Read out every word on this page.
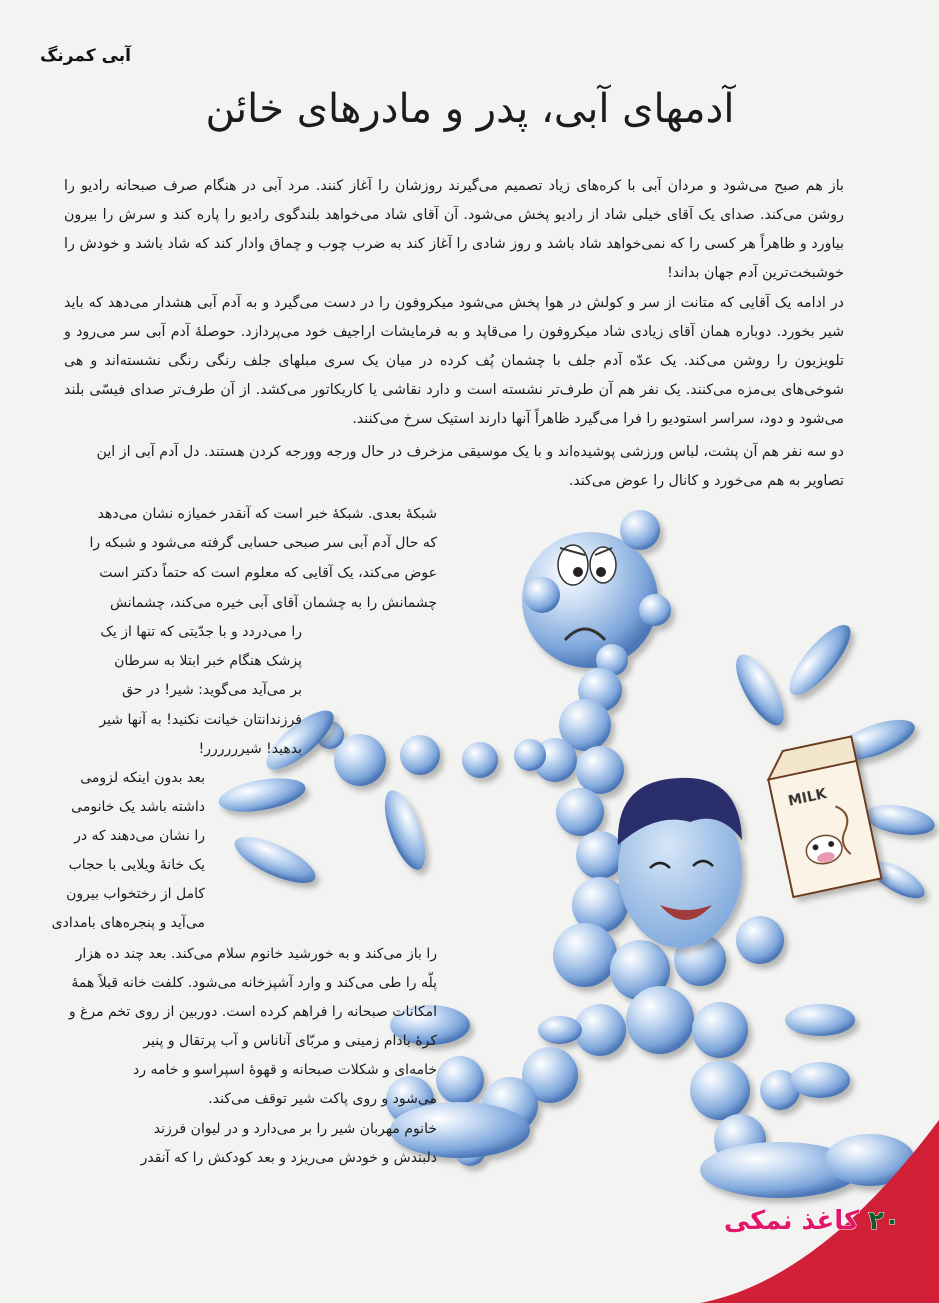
MILK
آبی کمرنگ
آدمهای آبی، پدر و مادرهای خائن
باز هم صبح می‌شود و مردان آبی با کره‌های زیاد تصمیم می‌گیرند روزشان را آغاز کنند. مرد آبی در هنگام صرف صبحانه رادیو را روشن می‌کند. صدای یک آقای خیلی شاد از رادیو پخش می‌شود. آن آقای شاد می‌خواهد بلندگوی رادیو را پاره کند و سرش را بیرون بیاورد و ظاهراً هر کسی را که نمی‌خواهد شاد باشد و روز شادی را آغاز کند به ضرب چوب و چماق وادار کند که شاد باشد و خودش را خوشبخت‌ترین آدم جهان بداند!
در ادامه یک آقایی که متانت از سر و کولش در هوا پخش می‌شود میکروفون را در دست می‌گیرد و به آدم آبی هشدار می‌دهد که باید شیر بخورد. دوباره همان آقای زیادی شاد میکروفون را می‌قاپد و به فرمایشات اراجیف خود می‌پردازد. حوصلهٔ آدم آبی سر می‌رود و تلویزیون را روشن می‌کند. یک عدّه آدم جلف با چشمان پُف کرده در میان یک سری مبلهای جلف رنگی رنگی نشسته‌اند و هی شوخی‌های بی‌مزه می‌کنند. یک نفر هم آن طرف‌تر نشسته است و دارد نقاشی یا کاریکاتور می‌کشد. از آن طرف‌تر صدای فیسّی بلند می‌شود و دود، سراسر استودیو را فرا می‌گیرد ظاهراً آنها دارند استیک سرخ می‌کنند.
دو سه نفر هم آن پشت، لباس ورزشی پوشیده‌اند و با یک موسیقی مزخرف در حال ورجه وورجه کردن هستند. دل آدم آبی از این
تصاویر به هم می‌خورد و کانال را عوض می‌کند.
شبکهٔ بعدی. شبکهٔ خبر است که آنقدر خمیازه نشان می‌دهد
که حال آدم آبی سر صبحی حسابی گرفته می‌شود و شبکه را
عوض می‌کند، یک آقایی که معلوم است که حتماً دکتر است
چشمانش را به چشمان آقای آبی خیره می‌کند، چشمانش
را می‌دردد و با جدّیتی که تنها از یک
پزشک هنگام خبر ابتلا به سرطان
بر می‌آید می‌گوید: شیر! در حق
فرزندانتان خیانت نکنید! به آنها شیر
بدهید! شیرررررر!
بعد بدون اینکه لزومی
داشته باشد یک خانومی
را نشان می‌دهند که در
یک خانهٔ ویلایی با حجاب
کامل از رختخواب بیرون
می‌آید و پنجره‌های بامدادی
را باز می‌کند و به خورشید خانوم سلام می‌کند. بعد چند ده هزار
پلّه را طی می‌کند و وارد آشپزخانه می‌شود. کلفت خانه قبلاً همهٔ
امکانات صبحانه را فراهم کرده است. دوربین از روی تخم مرغ و
کرهٔ بادام زمینی و مربّای آناناس و آب پرتقال و پنیر
خامه‌ای و شکلات صبحانه و قهوهٔ اسپراسو و خامه رد
می‌شود و روی پاکت شیر توقف می‌کند.
خانوم مهربان شیر را بر می‌دارد و در لیوان فرزند
دلبندش و خودش می‌ریزد و بعد کودکش را که آنقدر
۲۰ کاغذ نمکی
